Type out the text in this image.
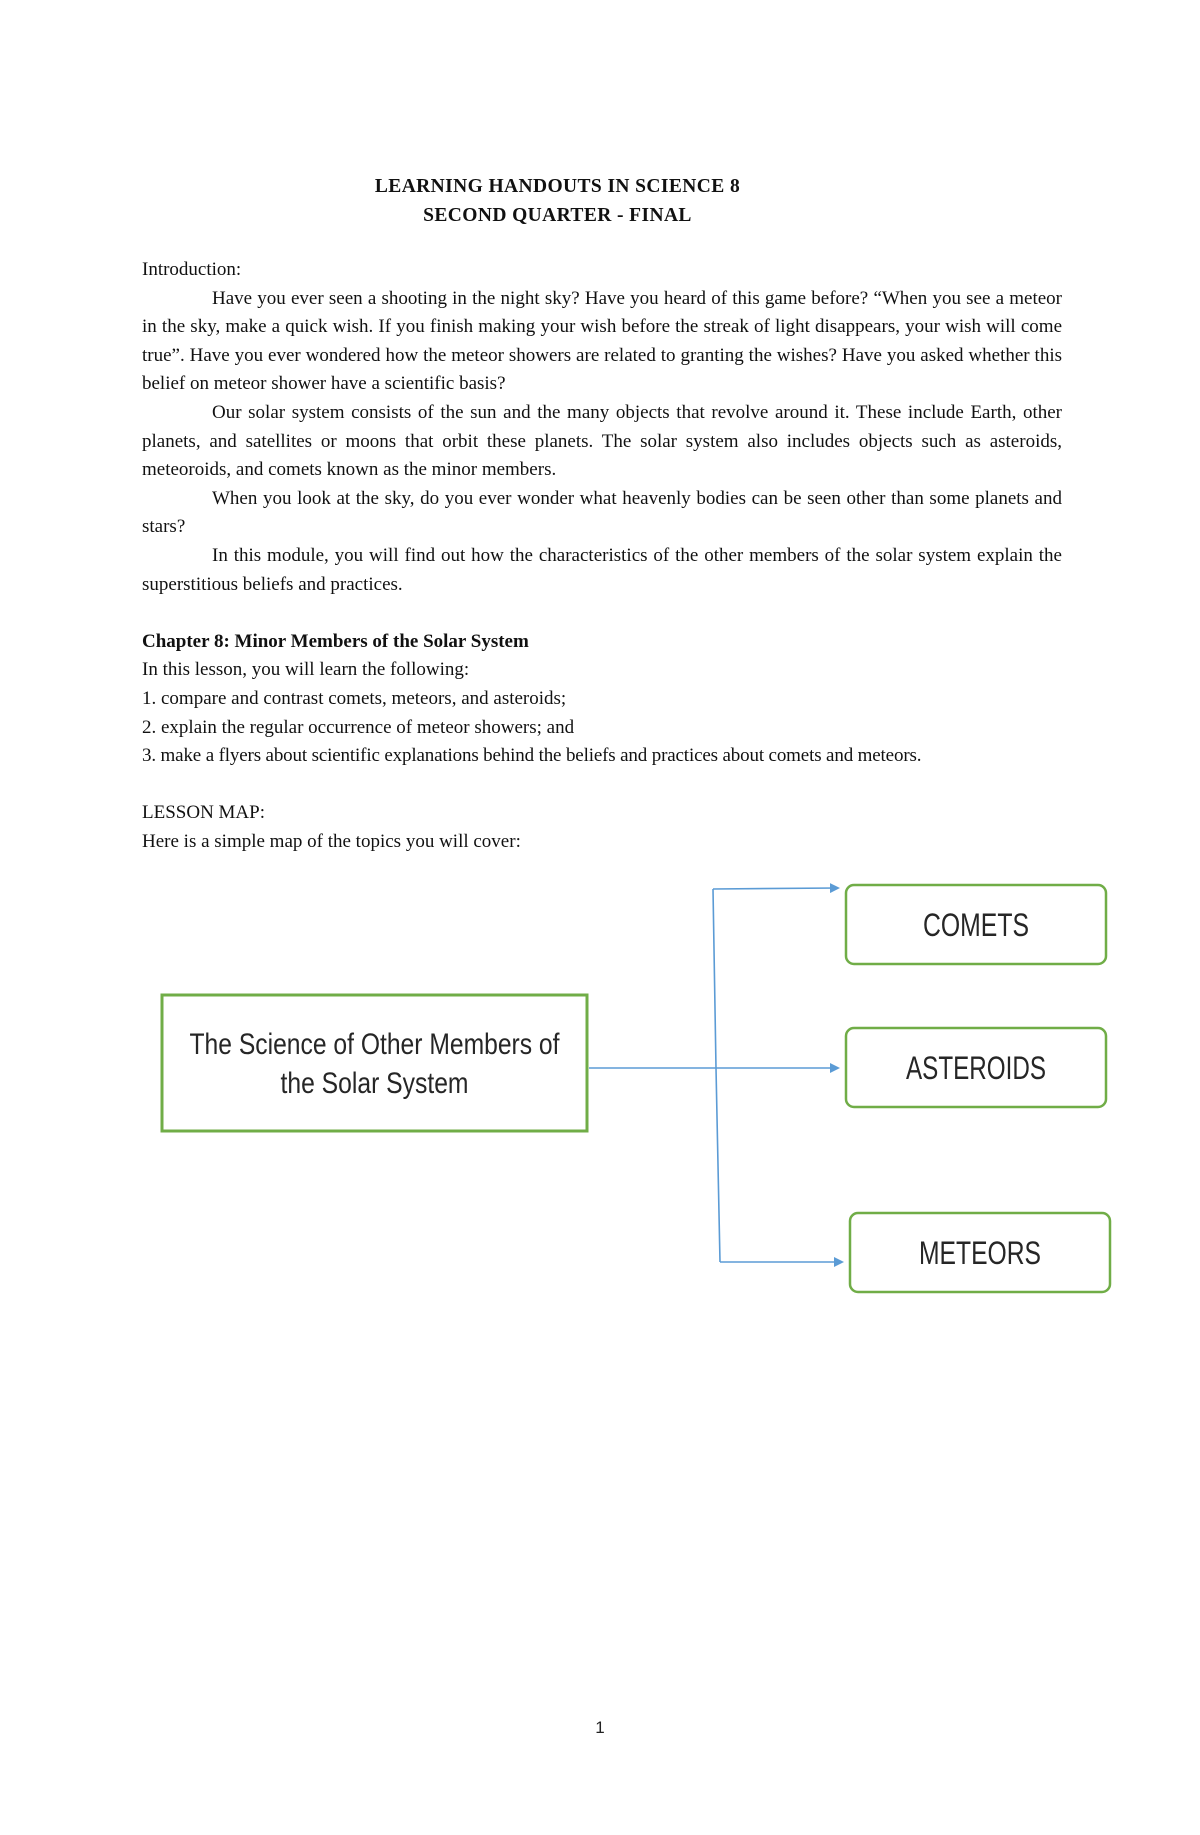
LEARNING HANDOUTS IN SCIENCE 8
SECOND QUARTER - FINAL

Introduction:

Have you ever seen a shooting in the night sky? Have you heard of this game before? “When you see a meteor in the sky, make a quick wish. If you finish making your wish before the streak of light disappears, your wish will come true”. Have you ever wondered how the meteor showers are related to granting the wishes? Have you asked whether this belief on meteor shower have a scientific basis?

Our solar system consists of the sun and the many objects that revolve around it. These include Earth, other planets, and satellites or moons that orbit these planets. The solar system also includes objects such as asteroids, meteoroids, and comets known as the minor members.

When you look at the sky, do you ever wonder what heavenly bodies can be seen other than some planets and stars?

In this module, you will find out how the characteristics of the other members of the solar system explain the superstitious beliefs and practices.

Chapter 8: Minor Members of the Solar System

In this lesson, you will learn the following:

1. compare and contrast comets, meteors, and asteroids;

2. explain the regular occurrence of meteor showers; and

3. make a flyers about scientific explanations behind the beliefs and practices about comets and meteors.

LESSON MAP:

Here is a simple map of the topics you will cover:

The Science of Other Members of
the Solar System
COMETS
ASTEROIDS
METEORS
1
